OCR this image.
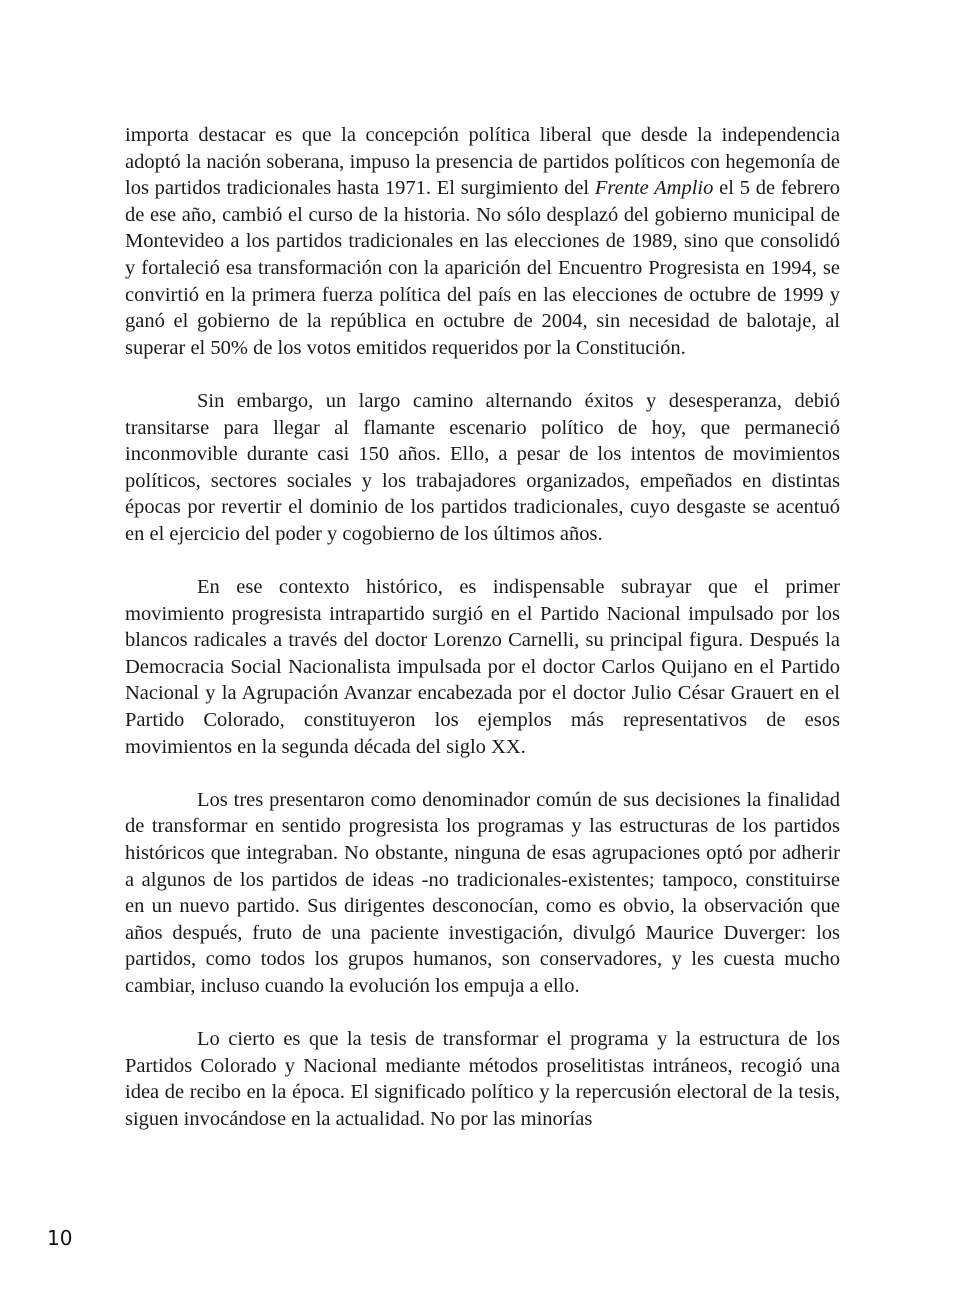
importa destacar es que la concepción política liberal que desde la independencia adoptó la nación soberana, impuso la presencia de partidos políticos con hegemonía de los partidos tradicionales hasta 1971. El surgimiento del Frente Amplio el 5 de febrero de ese año, cambió el curso de la historia. No sólo desplazó del gobierno municipal de Montevideo a los partidos tradicionales en las elecciones de 1989, sino que consolidó y fortaleció esa transformación con la aparición del Encuentro Progresista en 1994, se convirtió en la primera fuerza política del país en las elecciones de octubre de 1999 y ganó el gobierno de la república en octubre de 2004, sin necesidad de balotaje, al superar el 50% de los votos emitidos requeridos por la Constitución.

Sin embargo, un largo camino alternando éxitos y desesperanza, debió transitarse para llegar al flamante escenario político de hoy, que permaneció inconmovible durante casi 150 años. Ello, a pesar de los intentos de movimientos políticos, sectores sociales y los trabajadores organizados, empeñados en distintas épocas por revertir el dominio de los partidos tradicionales, cuyo desgaste se acentuó en el ejercicio del poder y cogobierno de los últimos años.

En ese contexto histórico, es indispensable subrayar que el primer movimiento progresista intrapartido surgió en el Partido Nacional impulsado por los blancos radicales a través del doctor Lorenzo Carnelli, su principal figura. Después la Democracia Social Nacionalista impulsada por el doctor Carlos Quijano en el Partido Nacional y la Agrupación Avanzar encabezada por el doctor Julio César Grauert en el Partido Colorado, constituyeron los ejemplos más representativos de esos movimientos en la segunda década del siglo XX.

Los tres presentaron como denominador común de sus decisiones la finalidad de transformar en sentido progresista los programas y las estructuras de los partidos históricos que integraban. No obstante, ninguna de esas agrupaciones optó por adherir a algunos de los partidos de ideas -no tradicionales-existentes; tampoco, constituirse en un nuevo partido. Sus dirigentes desconocían, como es obvio, la observación que años después, fruto de una paciente investigación, divulgó Maurice Duverger: los partidos, como todos los grupos humanos, son conservadores, y les cuesta mucho cambiar, incluso cuando la evolución los empuja a ello.

Lo cierto es que la tesis de transformar el programa y la estructura de los Partidos Colorado y Nacional mediante métodos proselitistas intráneos, recogió una idea de recibo en la época. El significado político y la repercusión electoral de la tesis, siguen invocándose en la actualidad. No por las minorías

10
